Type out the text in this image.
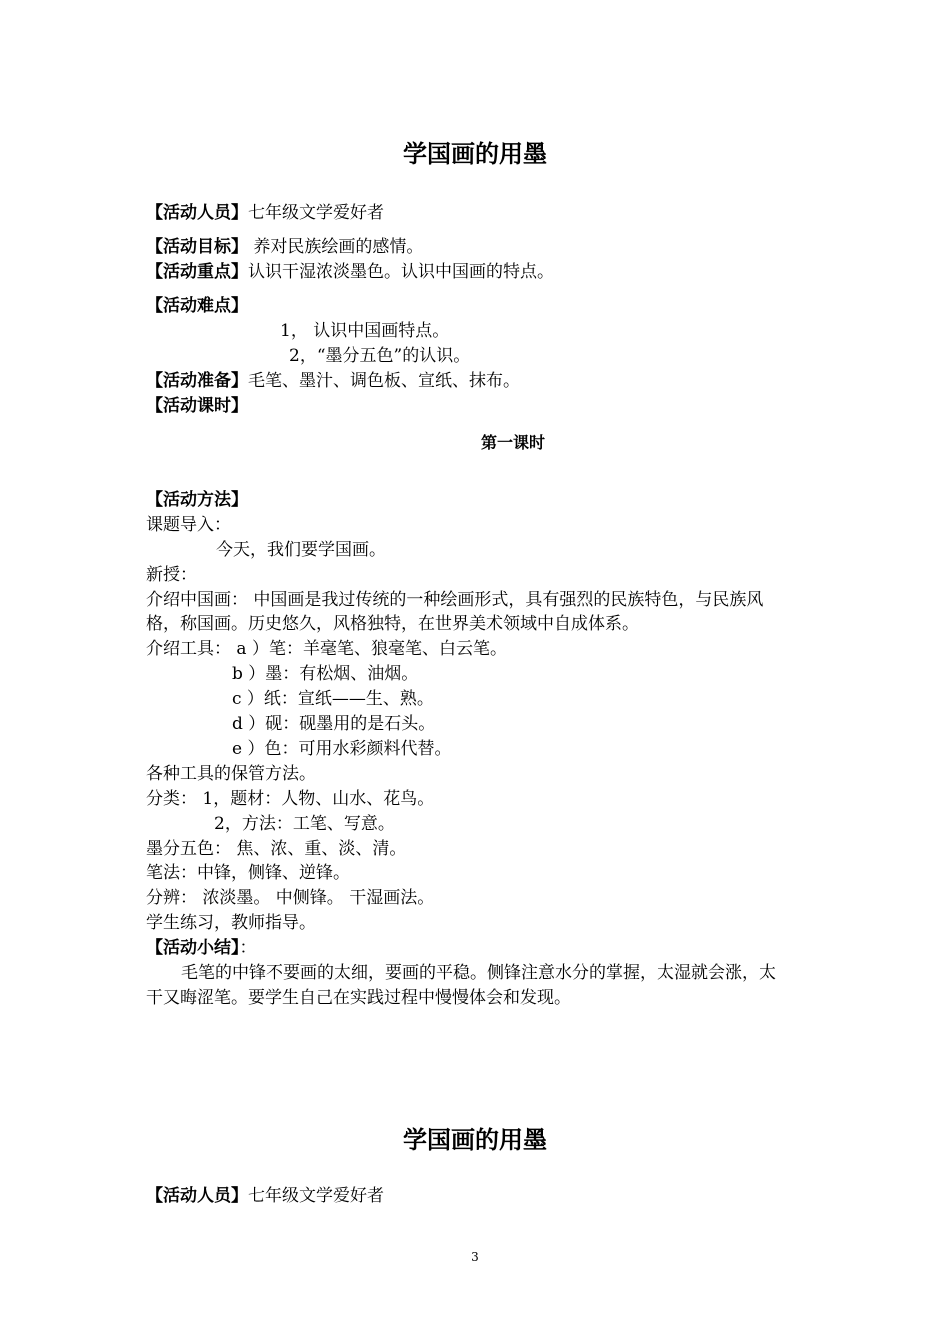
学国画的用墨
【活动人员】七年级文学爱好者
【活动目标】 养对民族绘画的感情。
【活动重点】认识干湿浓淡墨色。认识中国画的特点。
【活动难点】
1， 认识中国画特点。
2，“墨分五色”的认识。
【活动准备】毛笔、墨汁、调色板、宣纸、抹布。
【活动课时】
第一课时
【活动方法】
课题导入：
今天，我们要学国画。
新授：
介绍中国画： 中国画是我过传统的一种绘画形式，具有强烈的民族特色，与民族风
格，称国画。历史悠久，风格独特，在世界美术领域中自成体系。
介绍工具： a ）笔：羊毫笔、狼毫笔、白云笔。
b ）墨：有松烟、油烟。
c ）纸：宣纸——生、熟。
d ）砚：砚墨用的是石头。
e ）色：可用水彩颜料代替。
各种工具的保管方法。
分类： 1，题材：人物、山水、花鸟。
2，方法：工笔、写意。
墨分五色： 焦、浓、重、淡、清。
笔法：中锋，侧锋、逆锋。
分辨： 浓淡墨。 中侧锋。 干湿画法。
学生练习，教师指导。
【活动小结】：
毛笔的中锋不要画的太细，要画的平稳。侧锋注意水分的掌握，太湿就会涨，太
干又晦涩笔。要学生自己在实践过程中慢慢体会和发现。
学国画的用墨
【活动人员】七年级文学爱好者
3
